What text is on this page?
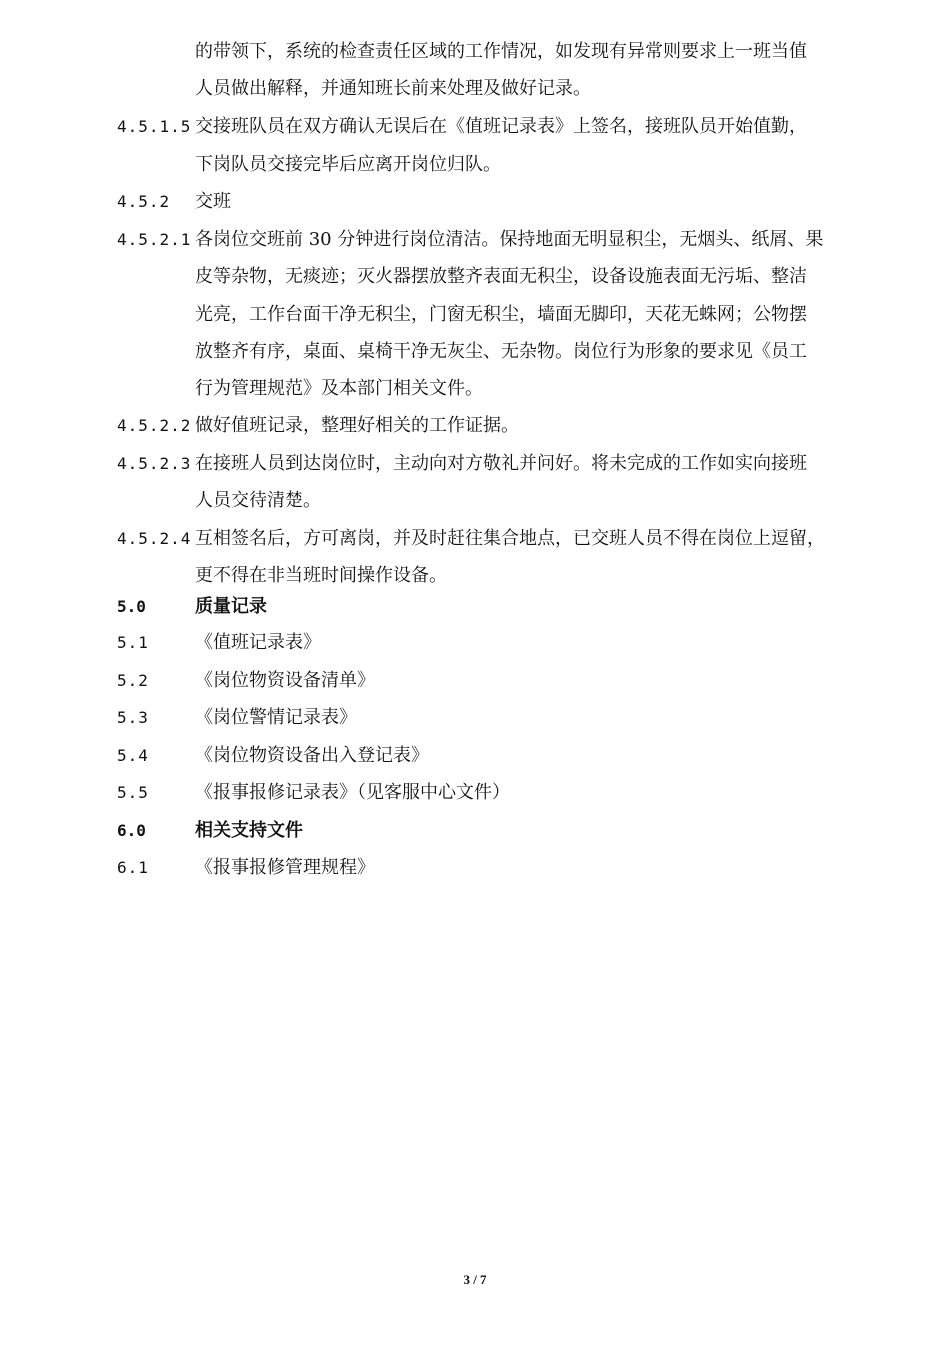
的带领下，系统的检查责任区域的工作情况，如发现有异常则要求上一班当值
人员做出解释，并通知班长前来处理及做好记录。
4.5.1.5 交接班队员在双方确认无误后在《值班记录表》上签名，接班队员开始值勤，
下岗队员交接完毕后应离开岗位归队。
4.5.2 交班
4.5.2.1 各岗位交班前 30 分钟进行岗位清洁。保持地面无明显积尘，无烟头、纸屑、果
皮等杂物，无痰迹；灭火器摆放整齐表面无积尘，设备设施表面无污垢、整洁
光亮，工作台面干净无积尘，门窗无积尘，墙面无脚印，天花无蛛网；公物摆
放整齐有序，桌面、桌椅干净无灰尘、无杂物。岗位行为形象的要求见《员工
行为管理规范》及本部门相关文件。
4.5.2.2 做好值班记录，整理好相关的工作证据。
4.5.2.3 在接班人员到达岗位时，主动向对方敬礼并问好。将未完成的工作如实向接班
人员交待清楚。
4.5.2.4 互相签名后，方可离岗，并及时赶往集合地点，已交班人员不得在岗位上逗留，
更不得在非当班时间操作设备。
5.0	质量记录
5.1	《值班记录表》
5.2	《岗位物资设备清单》
5.3	《岗位警情记录表》
5.4	《岗位物资设备出入登记表》
5.5	《报事报修记录表》（见客服中心文件）
6.0	相关支持文件
6.1	《报事报修管理规程》
3 / 7
